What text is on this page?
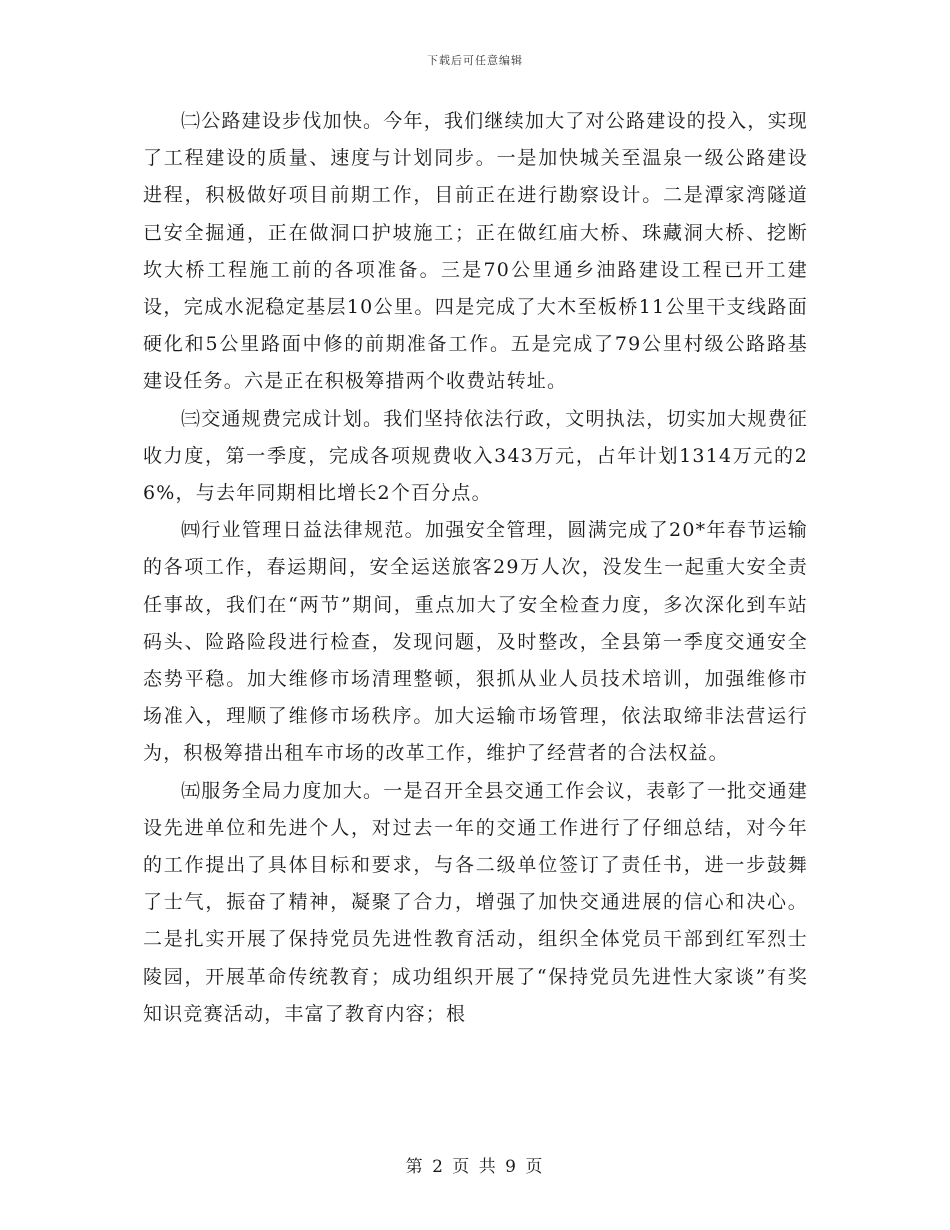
下载后可任意编辑

㈡公路建设步伐加快。今年，我们继续加大了对公路建设的投入，实现了工程建设的质量、速度与计划同步。一是加快城关至温泉一级公路建设进程，积极做好项目前期工作，目前正在进行勘察设计。二是潭家湾隧道已安全掘通，正在做洞口护坡施工；正在做红庙大桥、珠藏洞大桥、挖断坎大桥工程施工前的各项准备。三是70公里通乡油路建设工程已开工建设，完成水泥稳定基层10公里。四是完成了大木至板桥11公里干支线路面硬化和5公里路面中修的前期准备工作。五是完成了79公里村级公路路基建设任务。六是正在积极筹措两个收费站转址。

㈢交通规费完成计划。我们坚持依法行政，文明执法，切实加大规费征收力度，第一季度，完成各项规费收入343万元，占年计划1314万元的26%，与去年同期相比增长2个百分点。

㈣行业管理日益法律规范。加强安全管理，圆满完成了20*年春节运输的各项工作，春运期间，安全运送旅客29万人次，没发生一起重大安全责任事故，我们在“两节”期间，重点加大了安全检查力度，多次深化到车站码头、险路险段进行检查，发现问题，及时整改，全县第一季度交通安全态势平稳。加大维修市场清理整顿，狠抓从业人员技术培训，加强维修市场准入，理顺了维修市场秩序。加大运输市场管理，依法取缔非法营运行为，积极筹措出租车市场的改革工作，维护了经营者的合法权益。

㈤服务全局力度加大。一是召开全县交通工作会议，表彰了一批交通建设先进单位和先进个人，对过去一年的交通工作进行了仔细总结，对今年的工作提出了具体目标和要求，与各二级单位签订了责任书，进一步鼓舞了士气，振奋了精神，凝聚了合力，增强了加快交通进展的信心和决心。二是扎实开展了保持党员先进性教育活动，组织全体党员干部到红军烈士陵园，开展革命传统教育；成功组织开展了“保持党员先进性大家谈”有奖知识竞赛活动，丰富了教育内容；根

第 2 页 共 9 页
